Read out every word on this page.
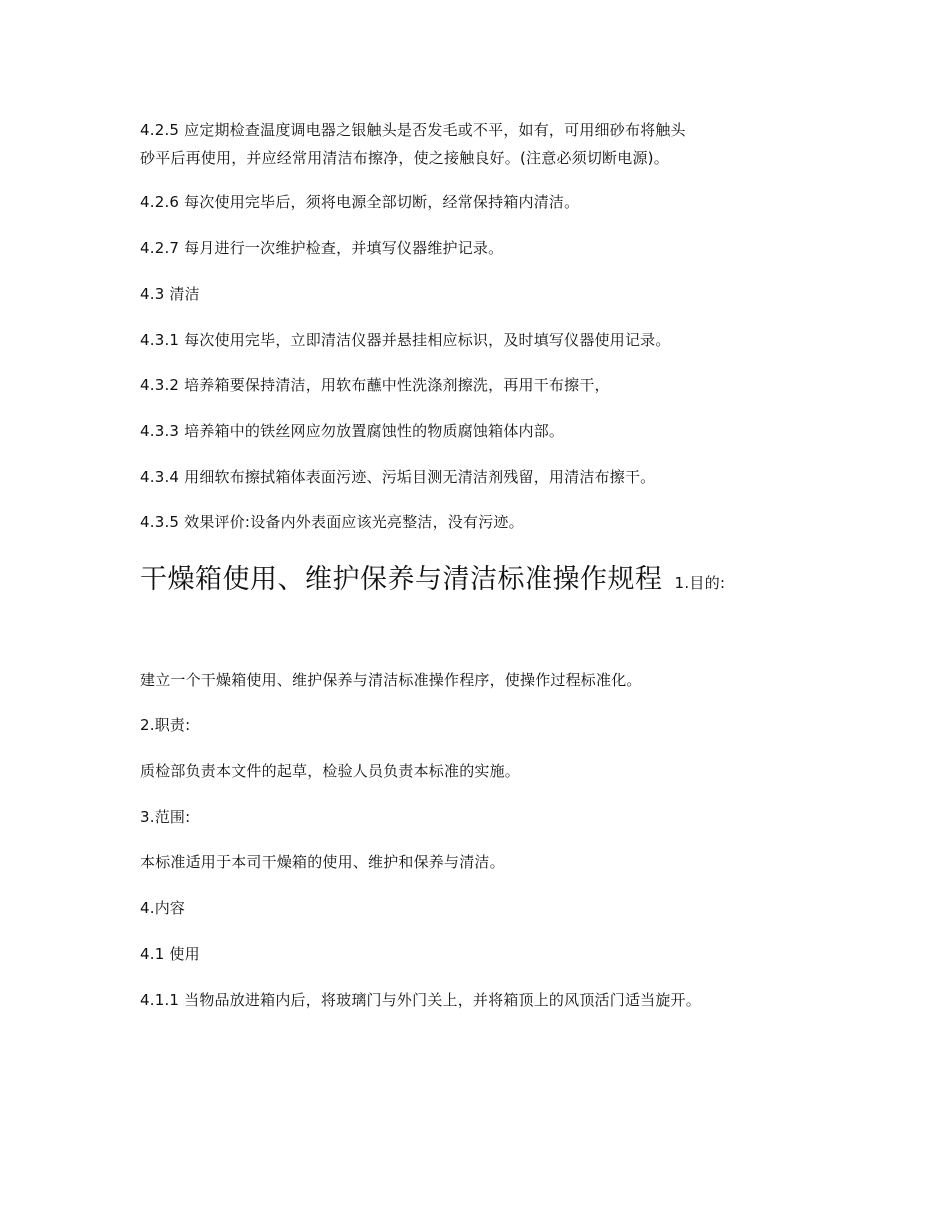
4.2.5 应定期检查温度调电器之银触头是否发毛或不平，如有，可用细砂布将触头
砂平后再使用，并应经常用清洁布擦净，使之接触良好。(注意必须切断电源)。
4.2.6 每次使用完毕后，须将电源全部切断，经常保持箱内清洁。
4.2.7 每月进行一次维护检查，并填写仪器维护记录。
4.3 清洁
4.3.1 每次使用完毕，立即清洁仪器并悬挂相应标识，及时填写仪器使用记录。
4.3.2 培养箱要保持清洁，用软布蘸中性洗涤剂擦洗，再用干布擦干，
4.3.3 培养箱中的铁丝网应勿放置腐蚀性的物质腐蚀箱体内部。
4.3.4 用细软布擦拭箱体表面污迹、污垢目测无清洁剂残留，用清洁布擦干。
4.3.5 效果评价:设备内外表面应该光亮整洁，没有污迹。
干燥箱使用、维护保养与清洁标准操作规程 1.目的:
建立一个干燥箱使用、维护保养与清洁标准操作程序，使操作过程标准化。
2.职责:
质检部负责本文件的起草，检验人员负责本标准的实施。
3.范围:
本标准适用于本司干燥箱的使用、维护和保养与清洁。
4.内容
4.1 使用
4.1.1 当物品放进箱内后，将玻璃门与外门关上，并将箱顶上的风顶活门适当旋开。
